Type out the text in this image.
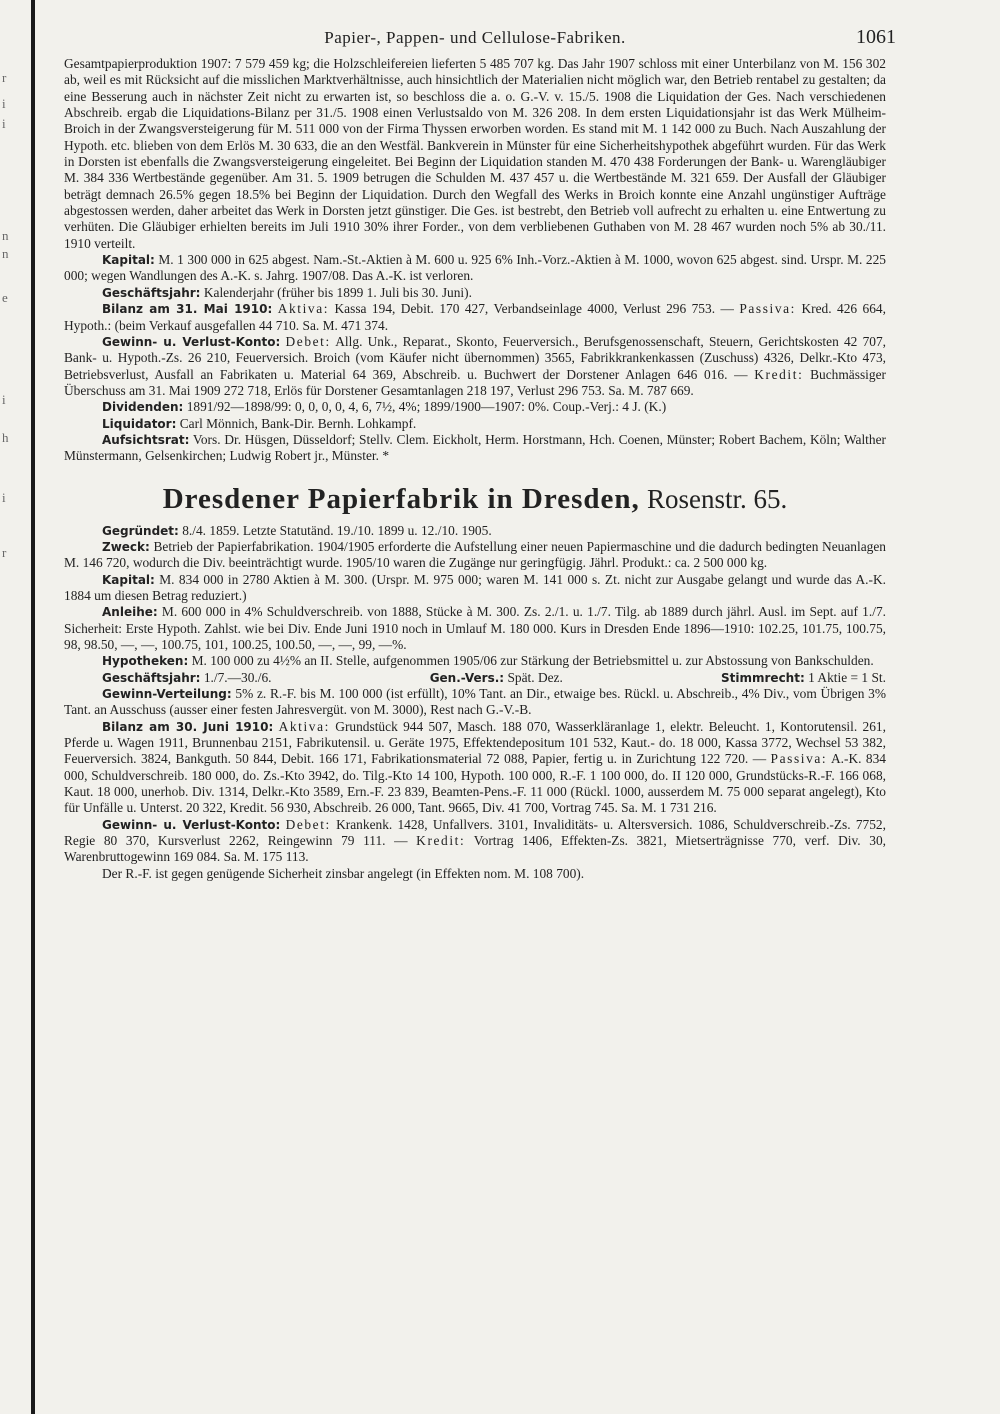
r
i
i
n
n
e
i
h
i
r
Papier-, Pappen- und Cellulose-Fabriken.	1061

Gesamtpapierproduktion 1907: 7 579 459 kg; die Holzschleifereien lieferten 5 485 707 kg. Das Jahr 1907 schloss mit einer Unterbilanz von M. 156 302 ab, weil es mit Rücksicht auf die misslichen Marktverhältnisse, auch hinsichtlich der Materialien nicht möglich war, den Betrieb rentabel zu gestalten; da eine Besserung auch in nächster Zeit nicht zu erwarten ist, so beschloss die a. o. G.-V. v. 15./5. 1908 die Liquidation der Ges. Nach verschiedenen Abschreib. ergab die Liquidations-Bilanz per 31./5. 1908 einen Verlustsaldo von M. 326 208. In dem ersten Liquidationsjahr ist das Werk Mülheim-Broich in der Zwangsversteigerung für M. 511 000 von der Firma Thyssen erworben worden. Es stand mit M. 1 142 000 zu Buch. Nach Auszahlung der Hypoth. etc. blieben von dem Erlös M. 30 633, die an den Westfäl. Bankverein in Münster für eine Sicherheitshypothek abgeführt wurden. Für das Werk in Dorsten ist ebenfalls die Zwangsversteigerung eingeleitet. Bei Beginn der Liquidation standen M. 470 438 Forderungen der Bank- u. Warengläubiger M. 384 336 Wertbestände gegenüber. Am 31. 5. 1909 betrugen die Schulden M. 437 457 u. die Wertbestände M. 321 659. Der Ausfall der Gläubiger beträgt demnach 26.5% gegen 18.5% bei Beginn der Liquidation. Durch den Wegfall des Werks in Broich konnte eine Anzahl ungünstiger Aufträge abgestossen werden, daher arbeitet das Werk in Dorsten jetzt günstiger. Die Ges. ist bestrebt, den Betrieb voll aufrecht zu erhalten u. eine Entwertung zu verhüten. Die Gläubiger erhielten bereits im Juli 1910 30% ihrer Forder., von dem verbliebenen Guthaben von M. 28 467 wurden noch 5% ab 30./11. 1910 verteilt.

Kapital: M. 1 300 000 in 625 abgest. Nam.-St.-Aktien à M. 600 u. 925 6% Inh.-Vorz.-Aktien à M. 1000, wovon 625 abgest. sind. Urspr. M. 225 000; wegen Wandlungen des A.-K. s. Jahrg. 1907/08. Das A.-K. ist verloren.

Geschäftsjahr: Kalenderjahr (früher bis 1899 1. Juli bis 30. Juni).

Bilanz am 31. Mai 1910: Aktiva: Kassa 194, Debit. 170 427, Verbandseinlage 4000, Verlust 296 753. — Passiva: Kred. 426 664, Hypoth.: (beim Verkauf ausgefallen 44 710. Sa. M. 471 374.

Gewinn- u. Verlust-Konto: Debet: Allg. Unk., Reparat., Skonto, Feuerversich., Berufsgenossenschaft, Steuern, Gerichtskosten 42 707, Bank- u. Hypoth.-Zs. 26 210, Feuerversich. Broich (vom Käufer nicht übernommen) 3565, Fabrikkrankenkassen (Zuschuss) 4326, Delkr.-Kto 473, Betriebsverlust, Ausfall an Fabrikaten u. Material 64 369, Abschreib. u. Buchwert der Dorstener Anlagen 646 016. — Kredit: Buchmässiger Überschuss am 31. Mai 1909 272 718, Erlös für Dorstener Gesamtanlagen 218 197, Verlust 296 753. Sa. M. 787 669.

Dividenden: 1891/92—1898/99: 0, 0, 0, 0, 4, 6, 7½, 4%; 1899/1900—1907: 0%. Coup.-Verj.: 4 J. (K.)

Liquidator: Carl Mönnich, Bank-Dir. Bernh. Lohkampf.

Aufsichtsrat: Vors. Dr. Hüsgen, Düsseldorf; Stellv. Clem. Eickholt, Herm. Horstmann, Hch. Coenen, Münster; Robert Bachem, Köln; Walther Münstermann, Gelsenkirchen; Ludwig Robert jr., Münster. *

Dresdener Papierfabrik in Dresden, Rosenstr. 65.

Gegründet: 8./4. 1859. Letzte Statutänd. 19./10. 1899 u. 12./10. 1905.

Zweck: Betrieb der Papierfabrikation. 1904/1905 erforderte die Aufstellung einer neuen Papiermaschine und die dadurch bedingten Neuanlagen M. 146 720, wodurch die Div. beeinträchtigt wurde. 1905/10 waren die Zugänge nur geringfügig. Jährl. Produkt.: ca. 2 500 000 kg.

Kapital: M. 834 000 in 2780 Aktien à M. 300. (Urspr. M. 975 000; waren M. 141 000 s. Zt. nicht zur Ausgabe gelangt und wurde das A.-K. 1884 um diesen Betrag reduziert.)

Anleihe: M. 600 000 in 4% Schuldverschreib. von 1888, Stücke à M. 300. Zs. 2./1. u. 1./7. Tilg. ab 1889 durch jährl. Ausl. im Sept. auf 1./7. Sicherheit: Erste Hypoth. Zahlst. wie bei Div. Ende Juni 1910 noch in Umlauf M. 180 000. Kurs in Dresden Ende 1896—1910: 102.25, 101.75, 100.75, 98, 98.50, —, —, 100.75, 101, 100.25, 100.50, —, —, 99, —%.

Hypotheken: M. 100 000 zu 4½% an II. Stelle, aufgenommen 1905/06 zur Stärkung der Betriebsmittel u. zur Abstossung von Bankschulden.

Geschäftsjahr: 1./7.—30./6.	Gen.-Vers.: Spät. Dez.	Stimmrecht: 1 Aktie = 1 St.

Gewinn-Verteilung: 5% z. R.-F. bis M. 100 000 (ist erfüllt), 10% Tant. an Dir., etwaige bes. Rückl. u. Abschreib., 4% Div., vom Übrigen 3% Tant. an Ausschuss (ausser einer festen Jahresvergüt. von M. 3000), Rest nach G.-V.-B.

Bilanz am 30. Juni 1910: Aktiva: Grundstück 944 507, Masch. 188 070, Wasserkläranlage 1, elektr. Beleucht. 1, Kontorutensil. 261, Pferde u. Wagen 1911, Brunnenbau 2151, Fabrikutensil. u. Geräte 1975, Effektendepositum 101 532, Kaut.- do. 18 000, Kassa 3772, Wechsel 53 382, Feuerversich. 3824, Bankguth. 50 844, Debit. 166 171, Fabrikationsmaterial 72 088, Papier, fertig u. in Zurichtung 122 720. — Passiva: A.-K. 834 000, Schuldverschreib. 180 000, do. Zs.-Kto 3942, do. Tilg.-Kto 14 100, Hypoth. 100 000, R.-F. 1 100 000, do. II 120 000, Grundstücks-R.-F. 166 068, Kaut. 18 000, unerhob. Div. 1314, Delkr.-Kto 3589, Ern.-F. 23 839, Beamten-Pens.-F. 11 000 (Rückl. 1000, ausserdem M. 75 000 separat angelegt), Kto für Unfälle u. Unterst. 20 322, Kredit. 56 930, Abschreib. 26 000, Tant. 9665, Div. 41 700, Vortrag 745. Sa. M. 1 731 216.

Gewinn- u. Verlust-Konto: Debet: Krankenk. 1428, Unfallvers. 3101, Invaliditäts- u. Altersversich. 1086, Schuldverschreib.-Zs. 7752, Regie 80 370, Kursverlust 2262, Reingewinn 79 111. — Kredit: Vortrag 1406, Effekten-Zs. 3821, Mietserträgnisse 770, verf. Div. 30, Warenbruttogewinn 169 084. Sa. M. 175 113.

Der R.-F. ist gegen genügende Sicherheit zinsbar angelegt (in Effekten nom. M. 108 700).
